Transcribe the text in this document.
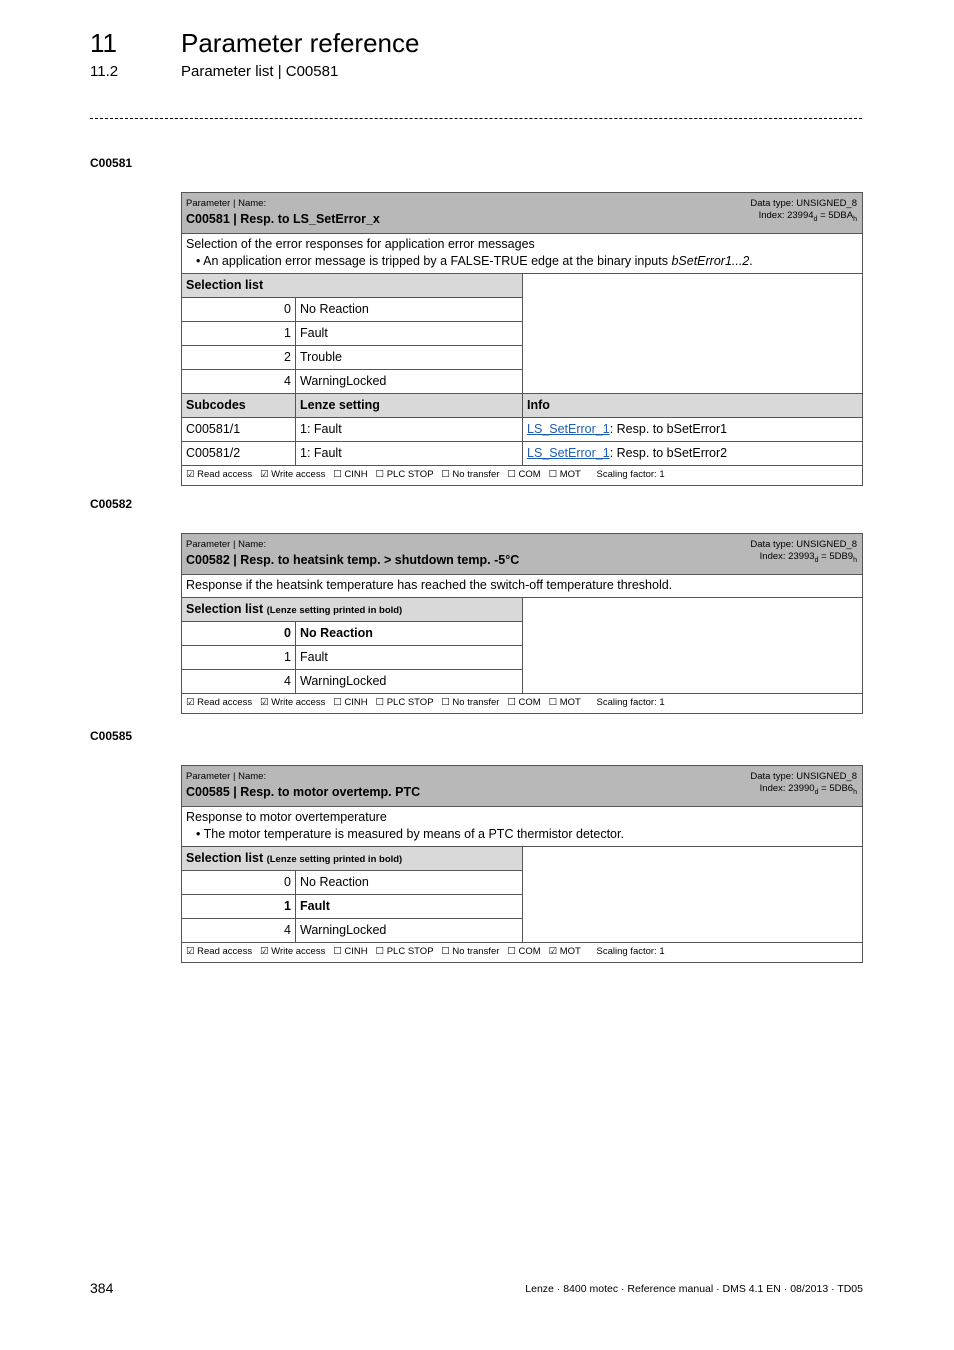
11 Parameter reference
11.2	Parameter list | C00581
C00581
Parameter | Name:
C00581 | Resp. to LS_SetError_x
Data type: UNSIGNED_8
Index: $23994_d = 5DBA_h$
Selection of the error responses for application error messages
• An application error message is tripped by a FALSE-TRUE edge at the binary inputs bSetError1...2.
Selection list
0 No Reaction
1 Fault
2 Trouble
4 WarningLocked
Subcodes	Lenze setting	Info
C00581/1	1: Fault	LS_SetError_1: Resp. to bSetError1
C00581/2	1: Fault	LS_SetError_1: Resp. to bSetError2
☑ Read access   ☑ Write access   ☐ CINH   ☐ PLC STOP   ☐ No transfer   ☐ COM   ☐ MOT      Scaling factor: 1
C00582
Parameter | Name:
C00582 | Resp. to heatsink temp. > shutdown temp. -5°C
Data type: UNSIGNED_8
Index: $23993_d = 5DB9_h$
Response if the heatsink temperature has reached the switch-off temperature threshold.
Selection list (Lenze setting printed in bold)
0 No Reaction
1 Fault
4 WarningLocked
☑ Read access   ☑ Write access   ☐ CINH   ☐ PLC STOP   ☐ No transfer   ☐ COM   ☐ MOT      Scaling factor: 1
C00585
Parameter | Name:
C00585 | Resp. to motor overtemp. PTC
Data type: UNSIGNED_8
Index: $23990_d = 5DB6_h$
Response to motor overtemperature
• The motor temperature is measured by means of a PTC thermistor detector.
Selection list (Lenze setting printed in bold)
0 No Reaction
1 Fault
4 WarningLocked
☑ Read access   ☑ Write access   ☐ CINH   ☐ PLC STOP   ☐ No transfer   ☐ COM   ☑ MOT      Scaling factor: 1
384	Lenze · 8400 motec · Reference manual · DMS 4.1 EN · 08/2013 · TD05
